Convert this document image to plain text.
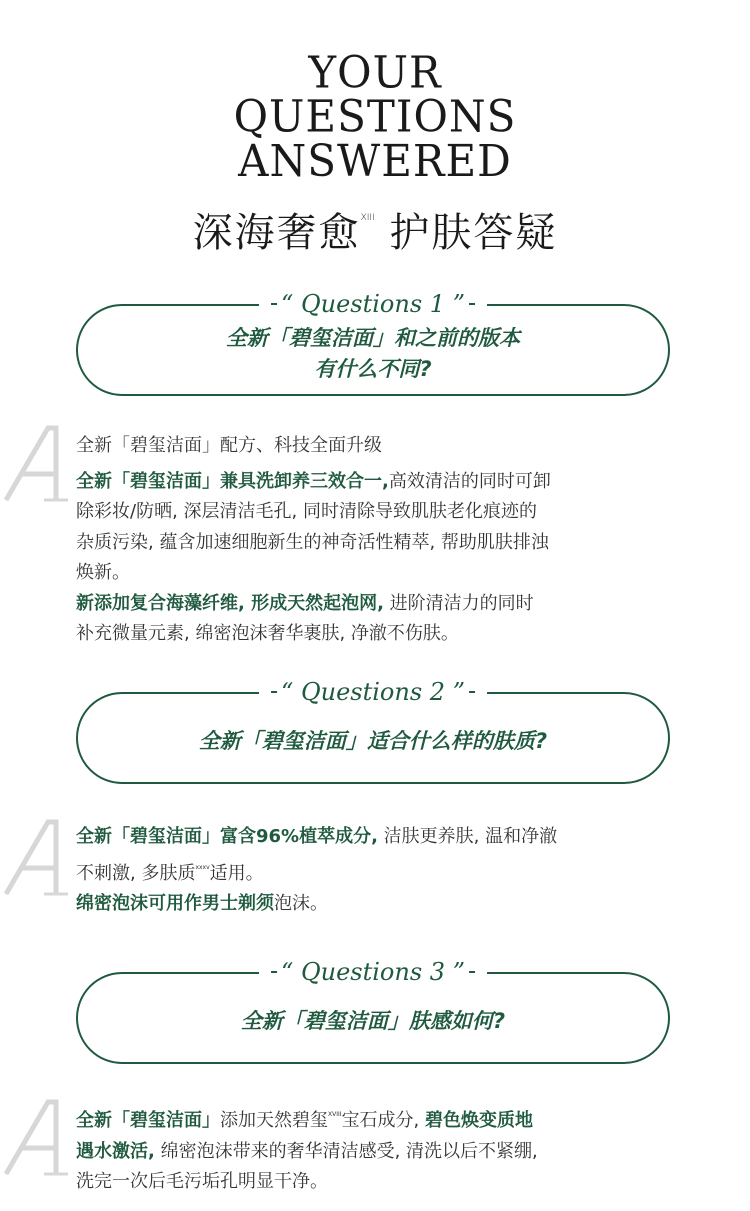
YOUR
QUESTIONS
ANSWERED
深海奢愈$^{XIII}$ 护肤答疑
“
Questions 1
”
全新「碧玺洁面」和之前的版本
有什么不同?
全新「碧玺洁面」配方、科技全面升级
全新「碧玺洁面」兼具洗卸养三效合一,高效清洁的同时可卸
除彩妆/防晒, 深层清洁毛孔, 同时清除导致肌肤老化痕迹的
杂质污染, 蕴含加速细胞新生的神奇活性精萃, 帮助肌肤排浊
焕新。
新添加复合海藻纤维, 形成天然起泡网, 进阶清洁力的同时
补充微量元素, 绵密泡沫奢华裹肤, 净澈不伤肤。
“
Questions 2
”
全新「碧玺洁面」适合什么样的肤质?
全新「碧玺洁面」富含96%植萃成分, 洁肤更养肤, 温和净澈
不刺激, 多肤质$^{xxxv}$适用。
绵密泡沫可用作男士剃须泡沫。
“
Questions 3
”
全新「碧玺洁面」肤感如何?
全新「碧玺洁面」添加天然碧玺$^{XVIII}$宝石成分, 碧色焕变质地
遇水激活, 绵密泡沫带来的奢华清洁感受, 清洗以后不紧绷,
洗完一次后毛污垢孔明显干净。
